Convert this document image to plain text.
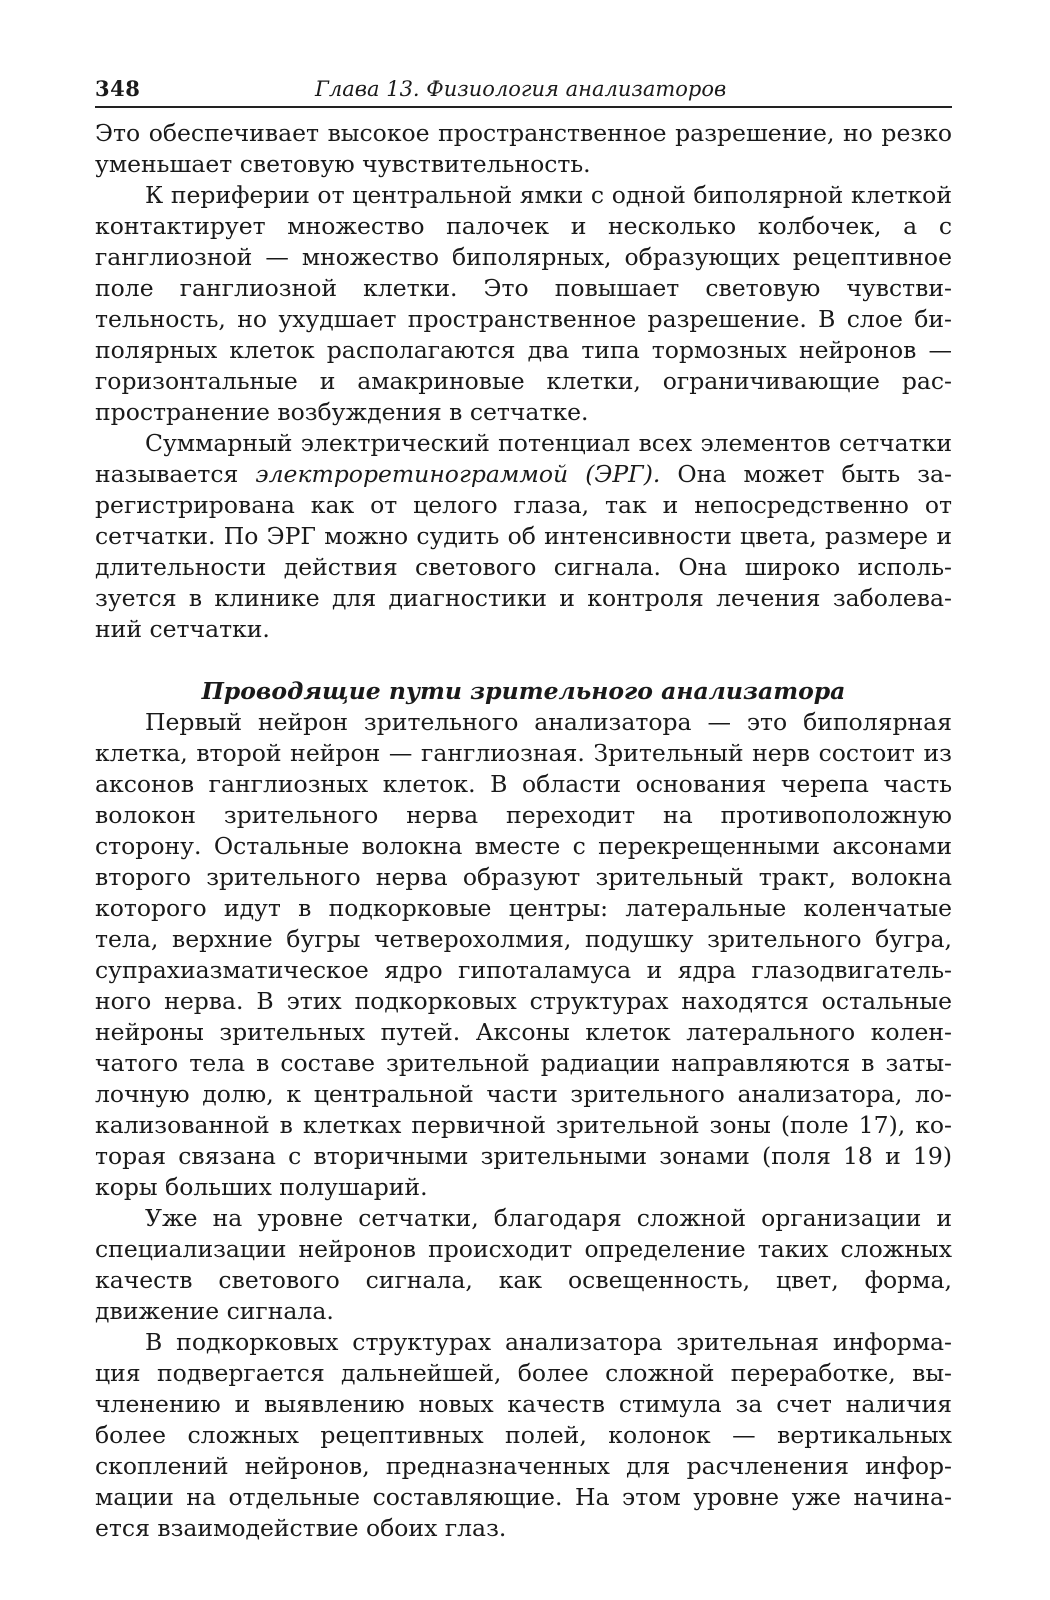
348	Глава 13. Физиология анализаторов

Это обеспечивает высокое пространственное разрешение, но резко уменьшает световую чувствительность.

К периферии от центральной ямки с одной биполярной клеткой контактирует множество палочек и несколько колбочек, а с ганглиозной — множество биполярных, образующих рецептивное поле ганглиозной клетки. Это повышает световую чувствительность, но ухудшает пространственное разрешение. В слое биполярных клеток располагаются два типа тормозных нейронов — горизонтальные и амакриновые клетки, ограничивающие распространение возбуждения в сетчатке.

Суммарный электрический потенциал всех элементов сетчатки называется электроретинограммой (ЭРГ). Она может быть зарегистрирована как от целого глаза, так и непосредственно от сетчатки. По ЭРГ можно судить об интенсивности цвета, размере и длительности действия светового сигнала. Она широко используется в клинике для диагностики и контроля лечения заболеваний сетчатки.

Проводящие пути зрительного анализатора

Первый нейрон зрительного анализатора — это биполярная клетка, второй нейрон — ганглиозная. Зрительный нерв состоит из аксонов ганглиозных клеток. В области основания черепа часть волокон зрительного нерва переходит на противоположную сторону. Остальные волокна вместе с перекрещенными аксонами второго зрительного нерва образуют зрительный тракт, волокна которого идут в подкорковые центры: латеральные коленчатые тела, верхние бугры четверохолмия, подушку зрительного бугра, супрахиазматическое ядро гипоталамуса и ядра глазодвигательного нерва. В этих подкорковых структурах находятся остальные нейроны зрительных путей. Аксоны клеток латерального коленчатого тела в составе зрительной радиации направляются в затылочную долю, к центральной части зрительного анализатора, локализованной в клетках первичной зрительной зоны (поле 17), которая связана с вторичными зрительными зонами (поля 18 и 19) коры больших полушарий.

Уже на уровне сетчатки, благодаря сложной организации и специализации нейронов происходит определение таких сложных качеств светового сигнала, как освещенность, цвет, форма, движение сигнала.

В подкорковых структурах анализатора зрительная информация подвергается дальнейшей, более сложной переработке, вычленению и выявлению новых качеств стимула за счет наличия более сложных рецептивных полей, колонок — вертикальных скоплений нейронов, предназначенных для расчленения информации на отдельные составляющие. На этом уровне уже начинается взаимодействие обоих глаз.
